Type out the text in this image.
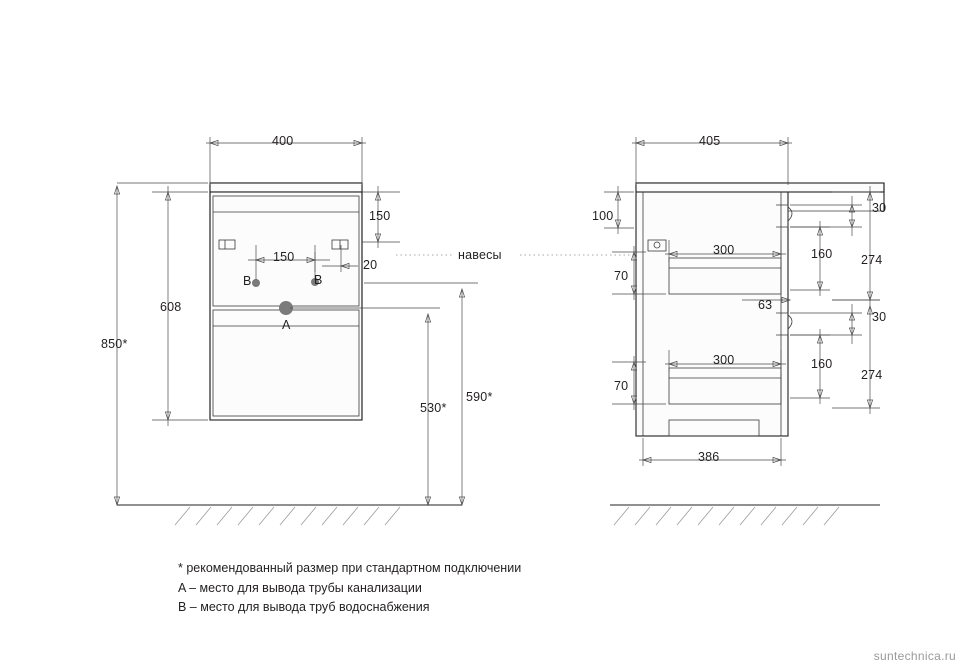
400
150
20
150
608
850*
590*
530*
B	B
A
навесы
405
386
300
300
100
70
70
63
30
30
160
160
274
274
* рекомендованный размер при стандартном подключении
A – место для вывода трубы канализации
B – место для вывода труб водоснабжения
suntechnica.ru
